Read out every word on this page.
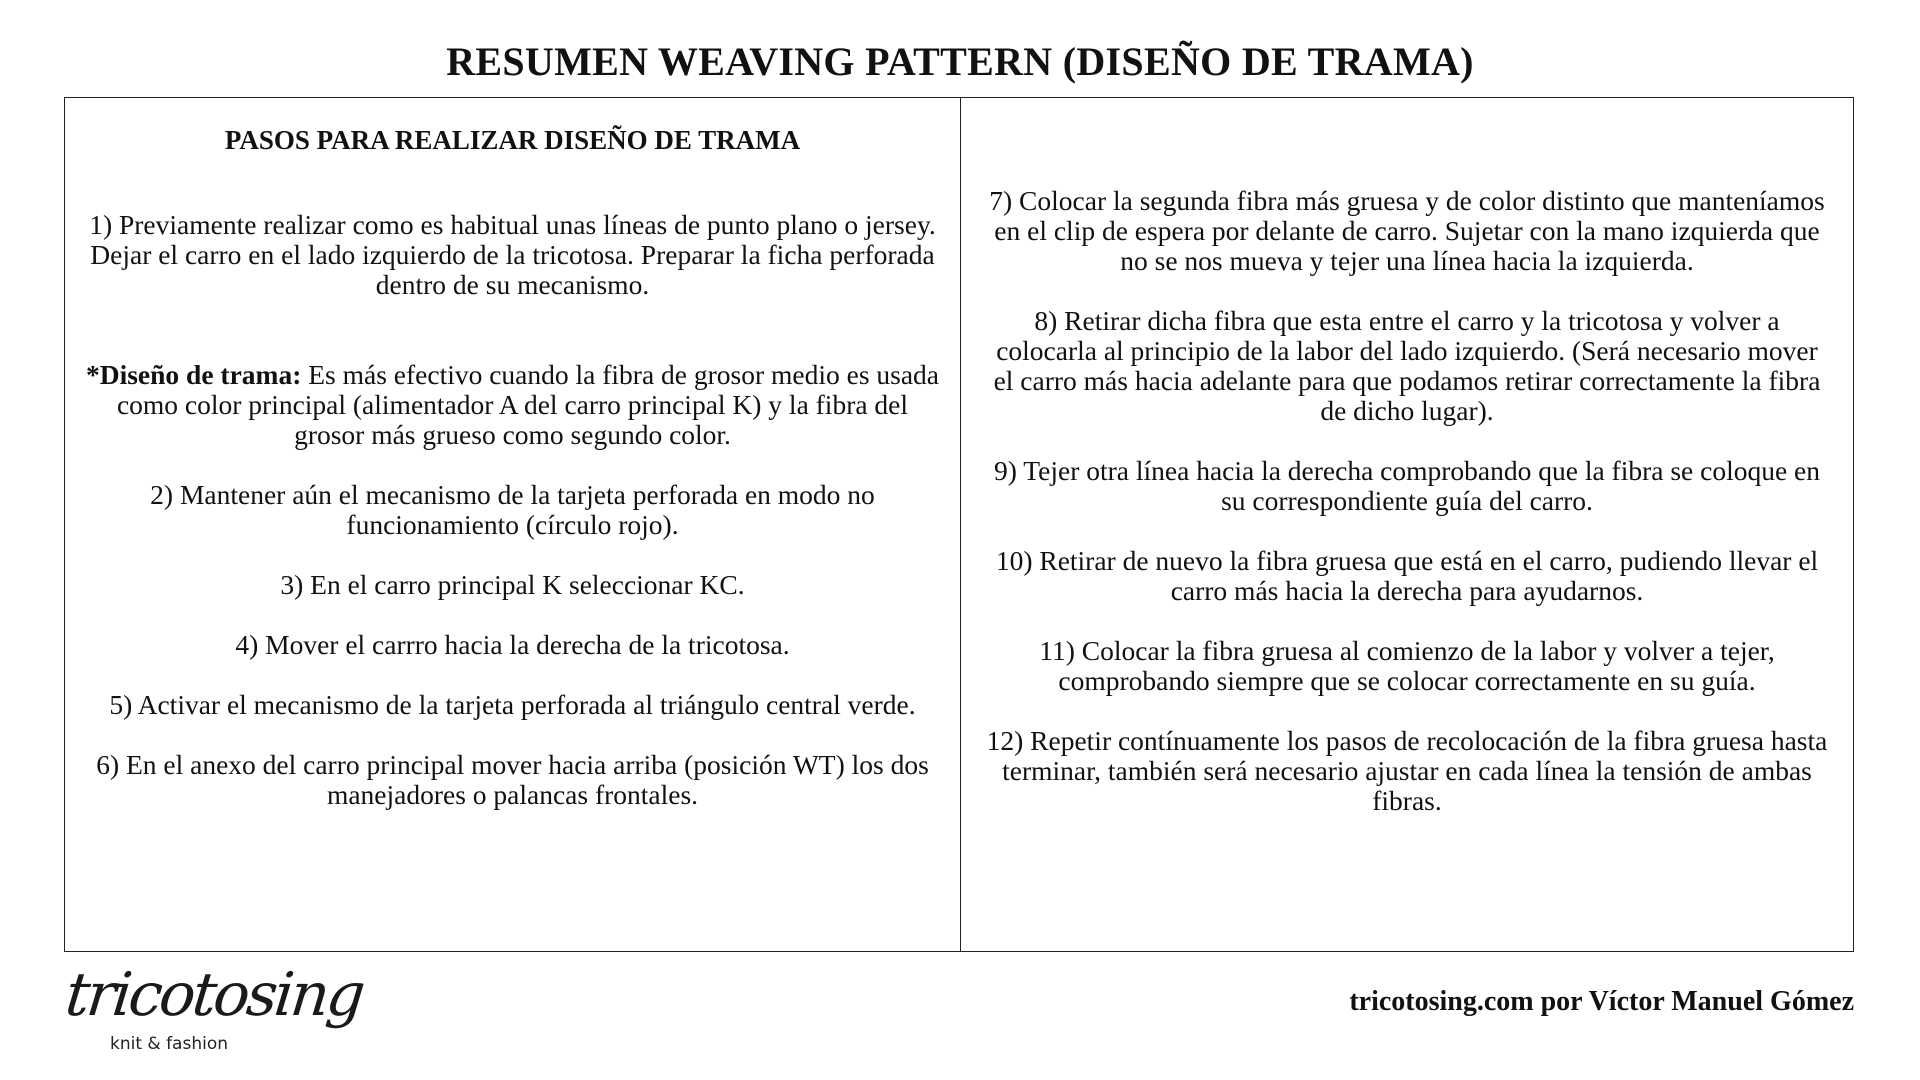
RESUMEN WEAVING PATTERN (DISEÑO DE TRAMA)
PASOS PARA REALIZAR DISEÑO DE TRAMA

1) Previamente realizar como es habitual unas líneas de punto plano o jersey. Dejar el carro en el lado izquierdo de la tricotosa. Preparar la ficha perforada dentro de su mecanismo.

*Diseño de trama: Es más efectivo cuando la fibra de grosor medio es usada como color principal (alimentador A del carro principal K) y la fibra del grosor más grueso como segundo color.

2) Mantener aún el mecanismo de la tarjeta perforada en modo no funcionamiento (círculo rojo).

3) En el carro principal K seleccionar KC.

4) Mover el carrro hacia la derecha de la tricotosa.

5) Activar el mecanismo de la tarjeta perforada al triángulo central verde.

6) En el anexo del carro principal mover hacia arriba (posición WT) los dos manejadores o palancas frontales.

7) Colocar la segunda fibra más gruesa y de color distinto que manteníamos en el clip de espera por delante de carro. Sujetar con la mano izquierda que no se nos mueva y tejer una línea hacia la izquierda.

8) Retirar dicha fibra que esta entre el carro y la tricotosa y volver a colocarla al principio de la labor del lado izquierdo. (Será necesario mover el carro más hacia adelante para que podamos retirar correctamente la fibra de dicho lugar).

9) Tejer otra línea hacia la derecha comprobando que la fibra se coloque en su correspondiente guía del carro.

10) Retirar de nuevo la fibra gruesa que está en el carro, pudiendo llevar el carro más hacia la derecha para ayudarnos.

11) Colocar la fibra gruesa al comienzo de la labor y volver a tejer, comprobando siempre que se colocar correctamente en su guía.

12) Repetir contínuamente los pasos de recolocación de la fibra gruesa hasta terminar, también será necesario ajustar en cada línea la tensión de ambas fibras.

tricotosing
knit & fashion
tricotosing.com por Víctor Manuel Gómez
